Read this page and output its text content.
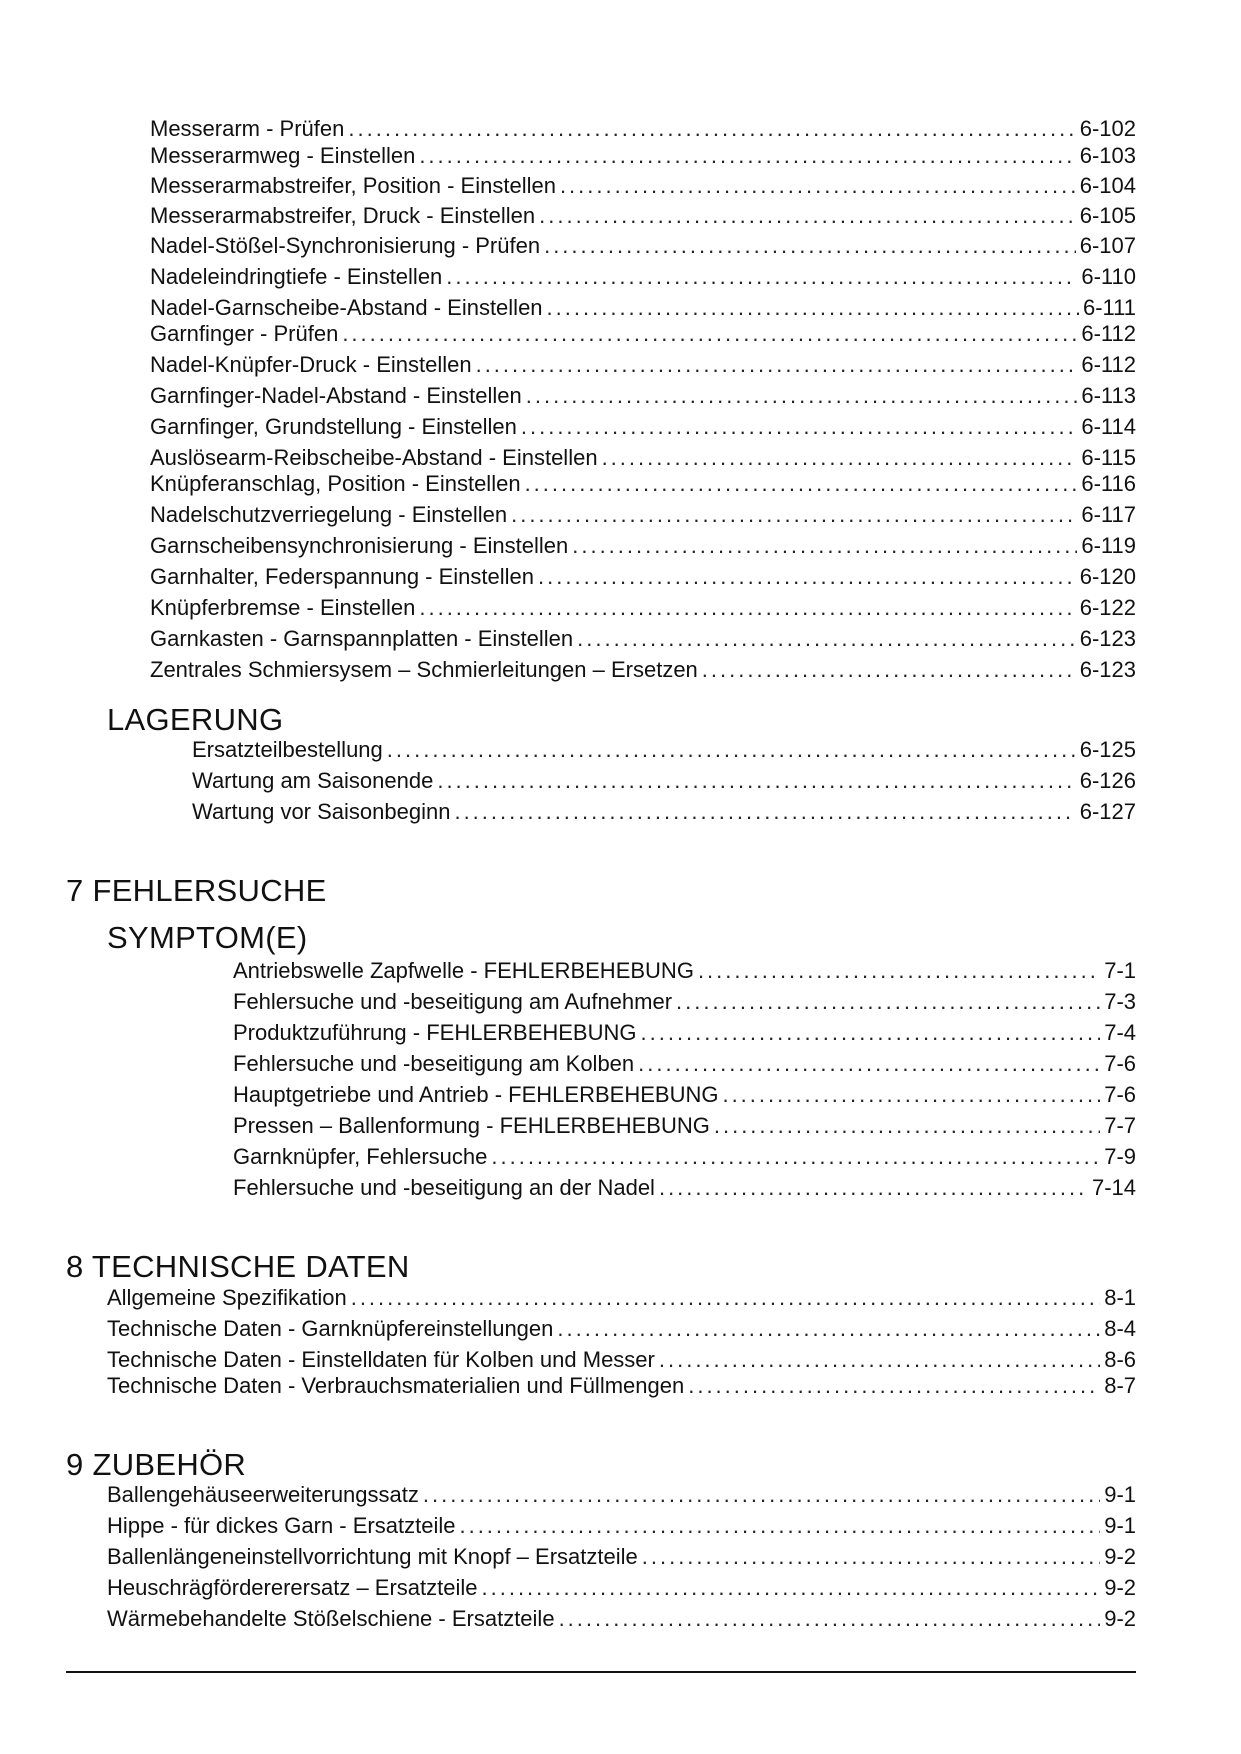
Messerarm - Prüfen .....	6-102
Messerarmweg - Einstellen .....	6-103
Messerarmabstreifer, Position - Einstellen .....	6-104
Messerarmabstreifer, Druck - Einstellen .....	6-105
Nadel-Stößel-Synchronisierung - Prüfen .....	6-107
Nadeleindringtiefe - Einstellen .....	6-110
Nadel-Garnscheibe-Abstand - Einstellen .....	6-111
Garnfinger - Prüfen .....	6-112
Nadel-Knüpfer-Druck - Einstellen .....	6-112
Garnfinger-Nadel-Abstand - Einstellen .....	6-113
Garnfinger, Grundstellung - Einstellen .....	6-114
Auslösearm-Reibscheibe-Abstand - Einstellen .....	6-115
Knüpferanschlag, Position - Einstellen .....	6-116
Nadelschutzverriegelung - Einstellen .....	6-117
Garnscheibensynchronisierung - Einstellen .....	6-119
Garnhalter, Federspannung - Einstellen .....	6-120
Knüpferbremse - Einstellen .....	6-122
Garnkasten - Garnspannplatten - Einstellen .....	6-123
Zentrales Schmiersysem – Schmierleitungen – Ersetzen .....	6-123
LAGERUNG
Ersatzteilbestellung .....	6-125
Wartung am Saisonende .....	6-126
Wartung vor Saisonbeginn .....	6-127
7 FEHLERSUCHE
SYMPTOM(E)
Antriebswelle Zapfwelle - FEHLERBEHEBUNG .....	7-1
Fehlersuche und -beseitigung am Aufnehmer .....	7-3
Produktzuführung - FEHLERBEHEBUNG .....	7-4
Fehlersuche und -beseitigung am Kolben .....	7-6
Hauptgetriebe und Antrieb - FEHLERBEHEBUNG .....	7-6
Pressen – Ballenformung - FEHLERBEHEBUNG .....	7-7
Garnknüpfer, Fehlersuche .....	7-9
Fehlersuche und -beseitigung an der Nadel .....	7-14
8 TECHNISCHE DATEN
Allgemeine Spezifikation .....	8-1
Technische Daten - Garnknüpfereinstellungen .....	8-4
Technische Daten - Einstelldaten für Kolben und Messer .....	8-6
Technische Daten - Verbrauchsmaterialien und Füllmengen .....	8-7
9 ZUBEHÖR
Ballengehäuseerweiterungssatz .....	9-1
Hippe - für dickes Garn - Ersatzteile .....	9-1
Ballenlängeneinstellvorrichtung mit Knopf – Ersatzteile .....	9-2
Heuschrägfördererersatz – Ersatzteile .....	9-2
Wärmebehandelte Stößelschiene - Ersatzteile .....	9-2
